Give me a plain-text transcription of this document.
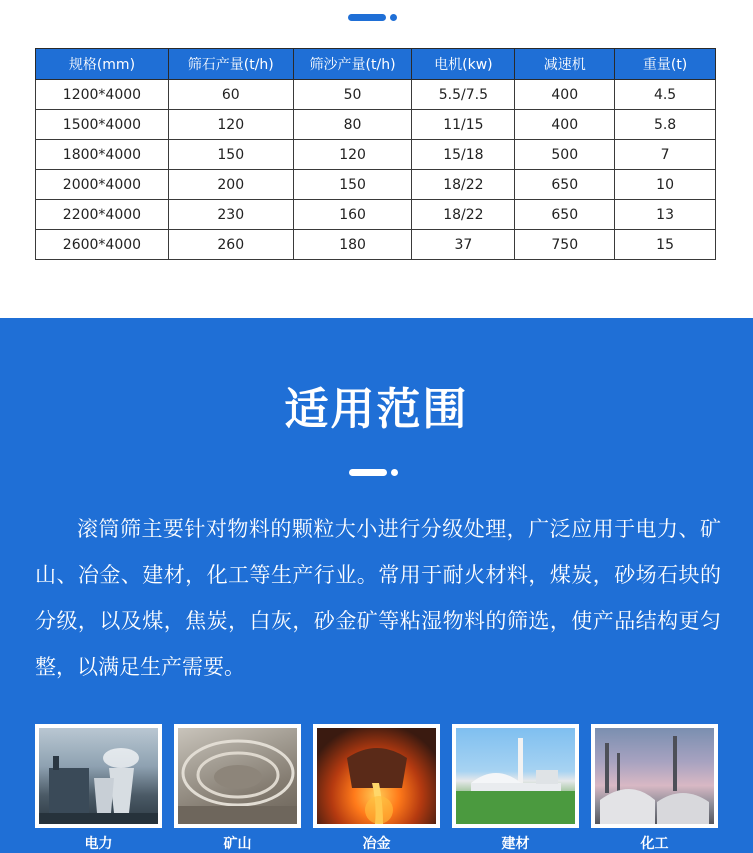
规格(mm)	筛石产量(t/h)	筛沙产量(t/h)	电机(kw)	减速机	重量(t)
1200*4000	60	50	5.5/7.5	400	4.5
1500*4000	120	80	11/15	400	5.8
1800*4000	150	120	15/18	500	7
2000*4000	200	150	18/22	650	10
2200*4000	230	160	18/22	650	13
2600*4000	260	180	37	750	15
适用范围

滚筒筛主要针对物料的颗粒大小进行分级处理，广泛应用于电力、矿山、冶金、建材，化工等生产行业。常用于耐火材料，煤炭，砂场石块的分级，以及煤，焦炭，白灰，砂金矿等粘湿物料的筛选，使产品结构更匀整，以满足生产需要。

电力	矿山	冶金	建材	化工
